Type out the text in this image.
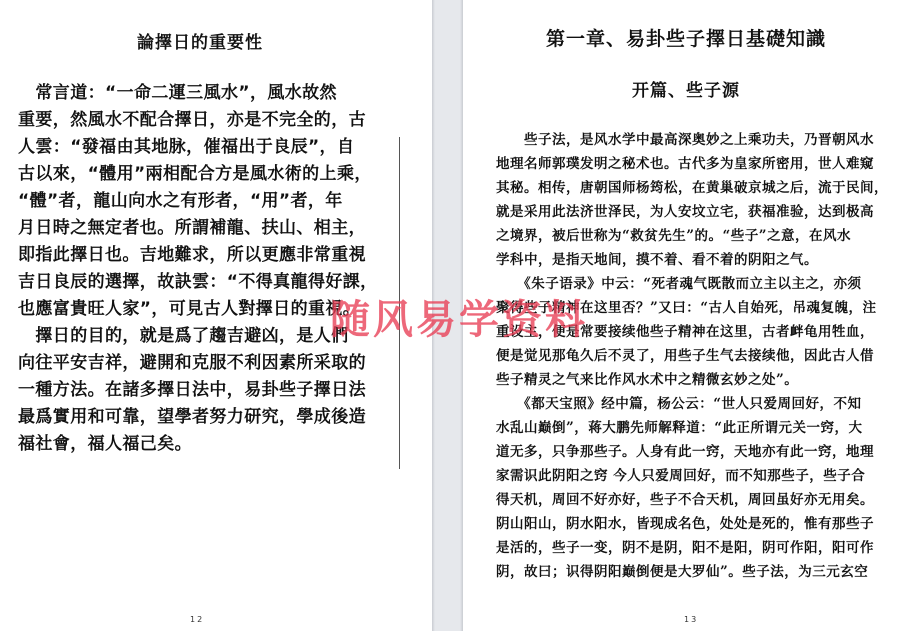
論擇日的重要性
　常言道：“一命二運三風水”，風水故然
重要，然風水不配合擇日，亦是不完全的，古
人雲：“發福由其地脉，催福出于良辰”，自
古以來，“體用”兩相配合方是風水術的上乘，
“體”者，龍山向水之有形者，“用”者，年
月日時之無定者也。所謂補龍、扶山、相主，
即指此擇日也。吉地難求，所以更應非常重視
吉日良辰的選擇，故訣雲：“不得真龍得好課，
也應富貴旺人家”，可見古人對擇日的重視。
　擇日的目的，就是爲了趨吉避凶，是人們
向往平安吉祥，避開和克服不利因素所采取的
一種方法。在諸多擇日法中，易卦些子擇日法
最爲實用和可靠，望學者努力研究，學成後造
福社會，福人福己矣。
12
第一章、易卦些子擇日基礎知識
开篇、些子源
　　些子法，是风水学中最高深奥妙之上乘功夫，乃晋朝风水
地理名师郭璞发明之秘术也。古代多为皇家所密用，世人难窥
其秘。相传，唐朝国师杨筠松，在黄巢破京城之后，流于民间，
就是采用此法济世泽民，为人安坟立宅，获福准验，达到极高
之境界，被后世称为“救贫先生”的。“些子”之意，在风水
学科中，是指天地间，摸不着、看不着的阴阳之气。
　　《朱子语录》中云：“死者魂气既散而立主以主之，亦须
聚得些子精神在这里否？”又曰：“古人自始死，吊魂复魄，注
重设主，便是常要接续他些子精神在这里，古者衅龟用牲血，
便是觉见那龟久后不灵了，用些子生气去接续他，因此古人借
些子精灵之气来比作风水术中之精微玄妙之处”。
　　《都天宝照》经中篇，杨公云：“世人只爱周回好，不知
水乱山巅倒”，蒋大鹏先师解释道：“此正所谓元关一窍，大
道无多，只争那些子。人身有此一窍，天地亦有此一窍，地理
家需识此阴阳之窍 今人只爱周回好，而不知那些子，些子合
得天机，周回不好亦好，些子不合天机，周回虽好亦无用矣。
阴山阳山，阴水阳水，皆现成名色，处处是死的，惟有那些子
是活的，些子一变，阴不是阴，阳不是阳，阴可作阳，阳可作
阴，故曰；识得阴阳巅倒便是大罗仙”。些子法，为三元玄空
13
随风易学资料
